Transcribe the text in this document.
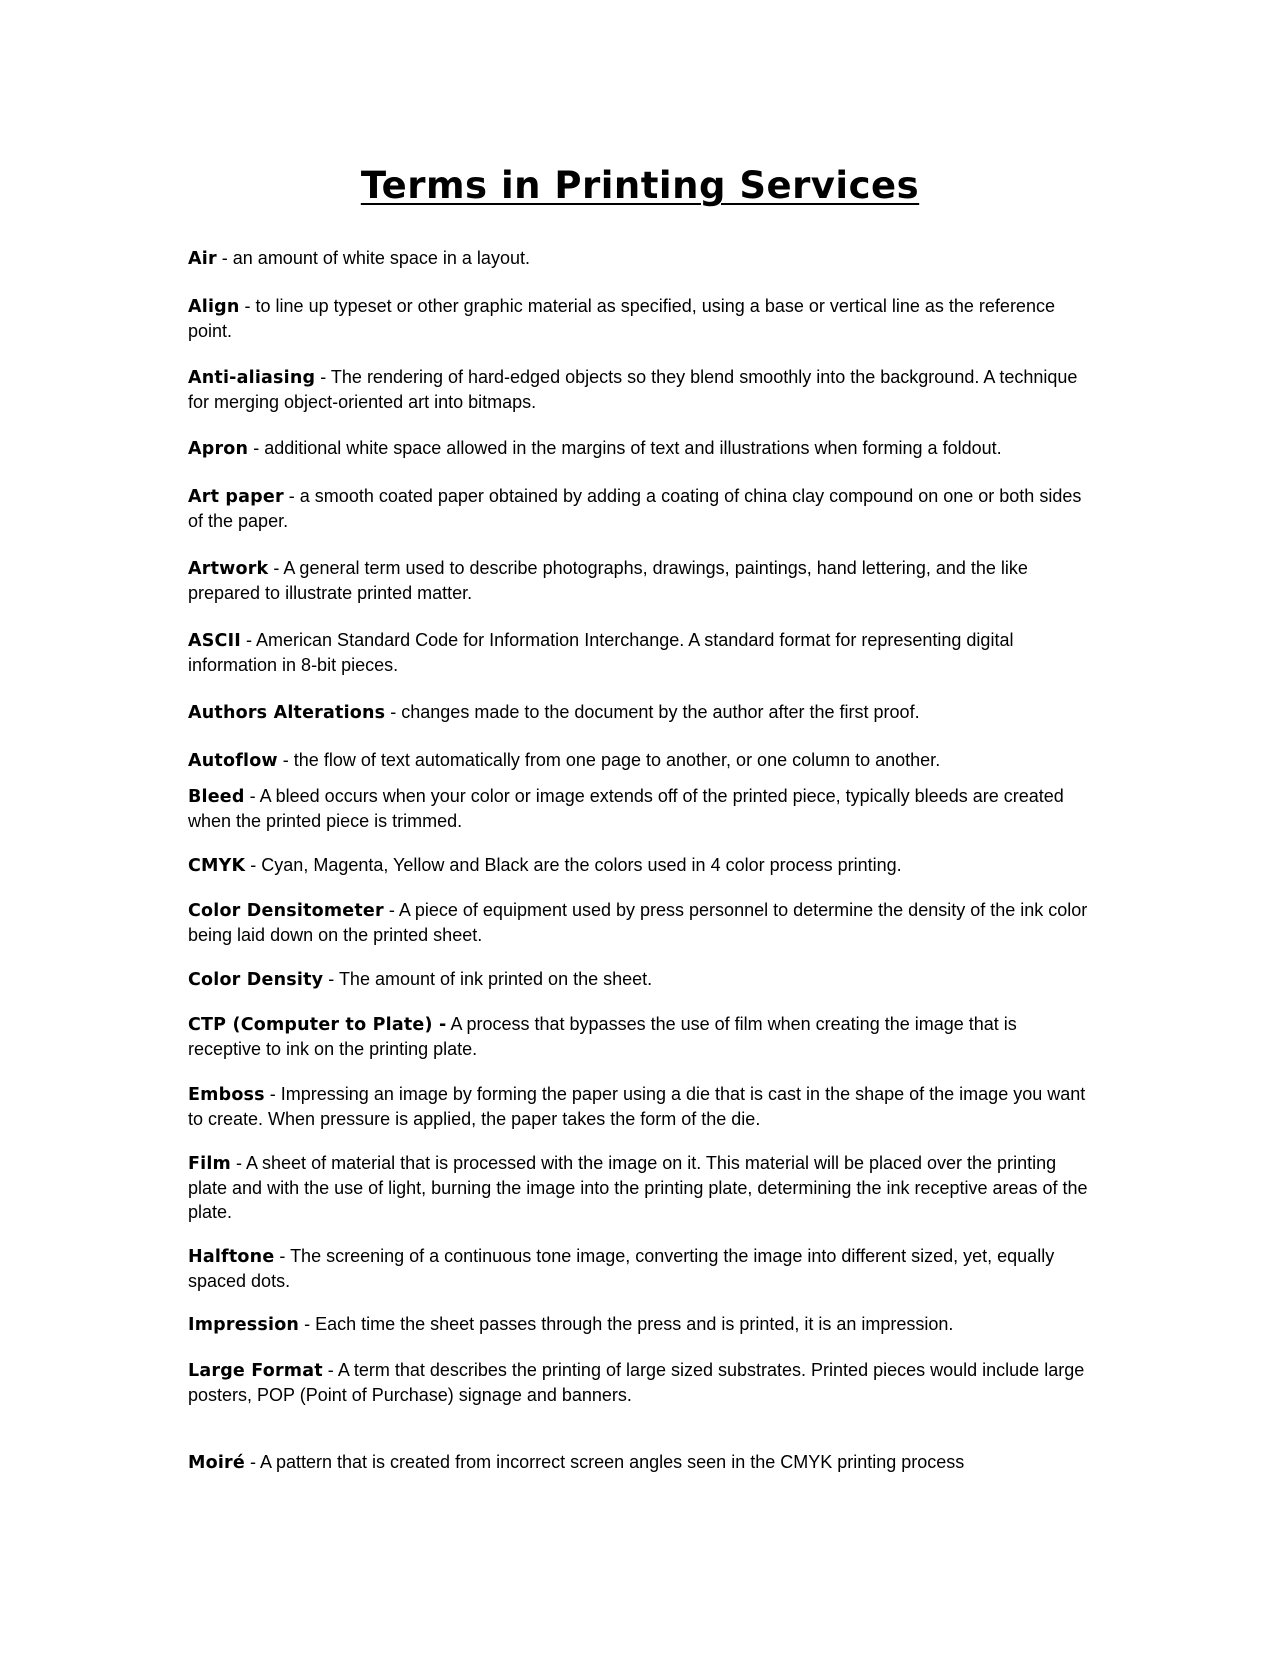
Terms in Printing Services

Air - an amount of white space in a layout.

Align - to line up typeset or other graphic material as specified, using a base or vertical line as the reference point.

Anti-aliasing - The rendering of hard-edged objects so they blend smoothly into the background. A technique for merging object-oriented art into bitmaps.

Apron - additional white space allowed in the margins of text and illustrations when forming a foldout.

Art paper - a smooth coated paper obtained by adding a coating of china clay compound on one or both sides of the paper.

Artwork - A general term used to describe photographs, drawings, paintings, hand lettering, and the like prepared to illustrate printed matter.

ASCII - American Standard Code for Information Interchange. A standard format for representing digital information in 8-bit pieces.

Authors Alterations - changes made to the document by the author after the first proof.

Autoflow - the flow of text automatically from one page to another, or one column to another.

Bleed - A bleed occurs when your color or image extends off of the printed piece, typically bleeds are created when the printed piece is trimmed.

CMYK - Cyan, Magenta, Yellow and Black are the colors used in 4 color process printing.

Color Densitometer - A piece of equipment used by press personnel to determine the density of the ink color being laid down on the printed sheet.

Color Density - The amount of ink printed on the sheet.

CTP (Computer to Plate) - A process that bypasses the use of film when creating the image that is receptive to ink on the printing plate.

Emboss - Impressing an image by forming the paper using a die that is cast in the shape of the image you want to create. When pressure is applied, the paper takes the form of the die.

Film - A sheet of material that is processed with the image on it. This material will be placed over the printing plate and with the use of light, burning the image into the printing plate, determining the ink receptive areas of the plate.

Halftone - The screening of a continuous tone image, converting the image into different sized, yet, equally spaced dots.

Impression - Each time the sheet passes through the press and is printed, it is an impression.

Large Format - A term that describes the printing of large sized substrates. Printed pieces would include large posters, POP (Point of Purchase) signage and banners.

Moiré - A pattern that is created from incorrect screen angles seen in the CMYK printing process
